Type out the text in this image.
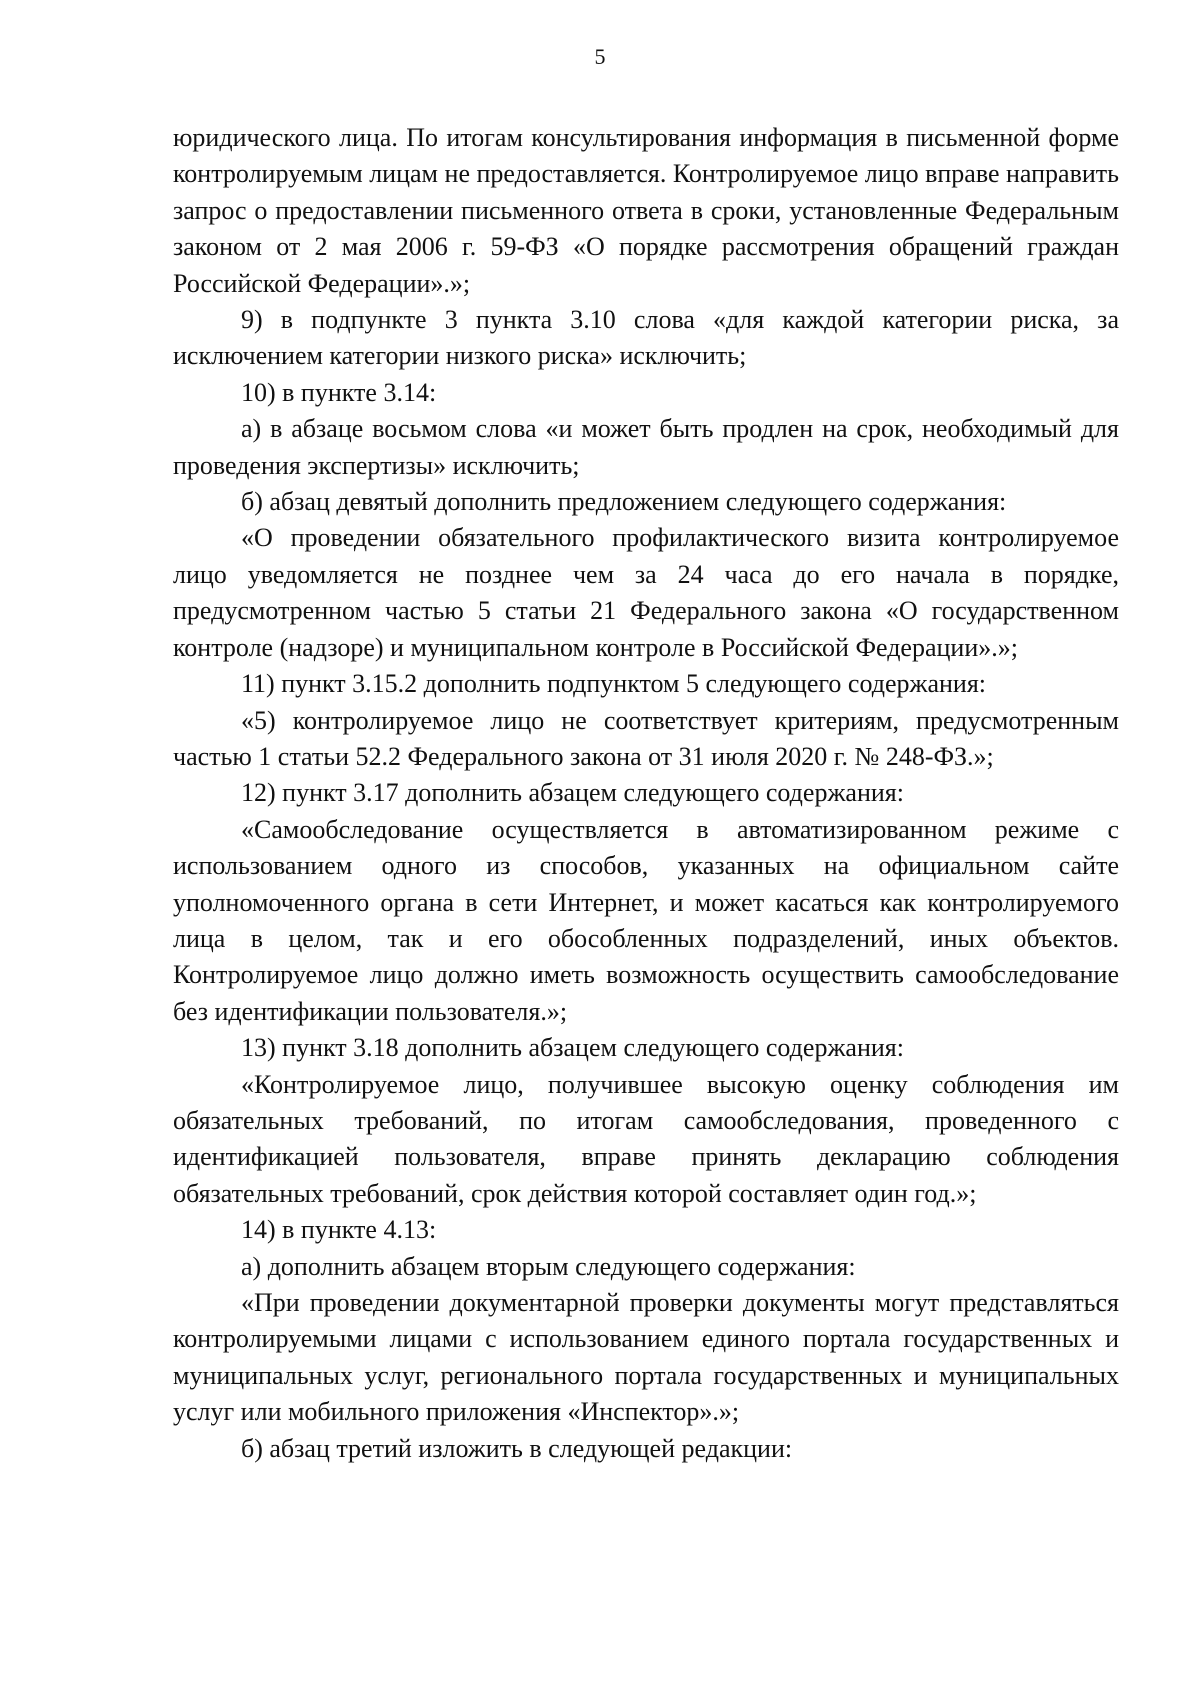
5

юридического лица. По итогам консультирования информация в письменной форме контролируемым лицам не предоставляется. Контролируемое лицо вправе направить запрос о предоставлении письменного ответа в сроки, установленные Федеральным законом от 2 мая 2006 г. 59-ФЗ «О порядке рассмотрения обращений граждан Российской Федерации».»;

9) в подпункте 3 пункта 3.10 слова «для каждой категории риска, за исключением категории низкого риска» исключить;

10) в пункте 3.14:

а) в абзаце восьмом слова «и может быть продлен на срок, необходимый для проведения экспертизы» исключить;

б) абзац девятый дополнить предложением следующего содержания:

«О проведении обязательного профилактического визита контролируемое лицо уведомляется не позднее чем за 24 часа до его начала в порядке, предусмотренном частью 5 статьи 21 Федерального закона «О государственном контроле (надзоре) и муниципальном контроле в Российской Федерации».»;

11) пункт 3.15.2 дополнить подпунктом 5 следующего содержания:

«5) контролируемое лицо не соответствует критериям, предусмотренным частью 1 статьи 52.2 Федерального закона от 31 июля 2020 г. № 248-ФЗ.»;

12) пункт 3.17 дополнить абзацем следующего содержания:

«Самообследование осуществляется в автоматизированном режиме с использованием одного из способов, указанных на официальном сайте уполномоченного органа в сети Интернет, и может касаться как контролируемого лица в целом, так и его обособленных подразделений, иных объектов. Контролируемое лицо должно иметь возможность осуществить самообследование без идентификации пользователя.»;

13) пункт 3.18 дополнить абзацем следующего содержания:

«Контролируемое лицо, получившее высокую оценку соблюдения им обязательных требований, по итогам самообследования, проведенного с идентификацией пользователя, вправе принять декларацию соблюдения обязательных требований, срок действия которой составляет один год.»;

14) в пункте 4.13:

а) дополнить абзацем вторым следующего содержания:

«При проведении документарной проверки документы могут представляться контролируемыми лицами с использованием единого портала государственных и муниципальных услуг, регионального портала государственных и муниципальных услуг или мобильного приложения «Инспектор».»;

б) абзац третий изложить в следующей редакции:
